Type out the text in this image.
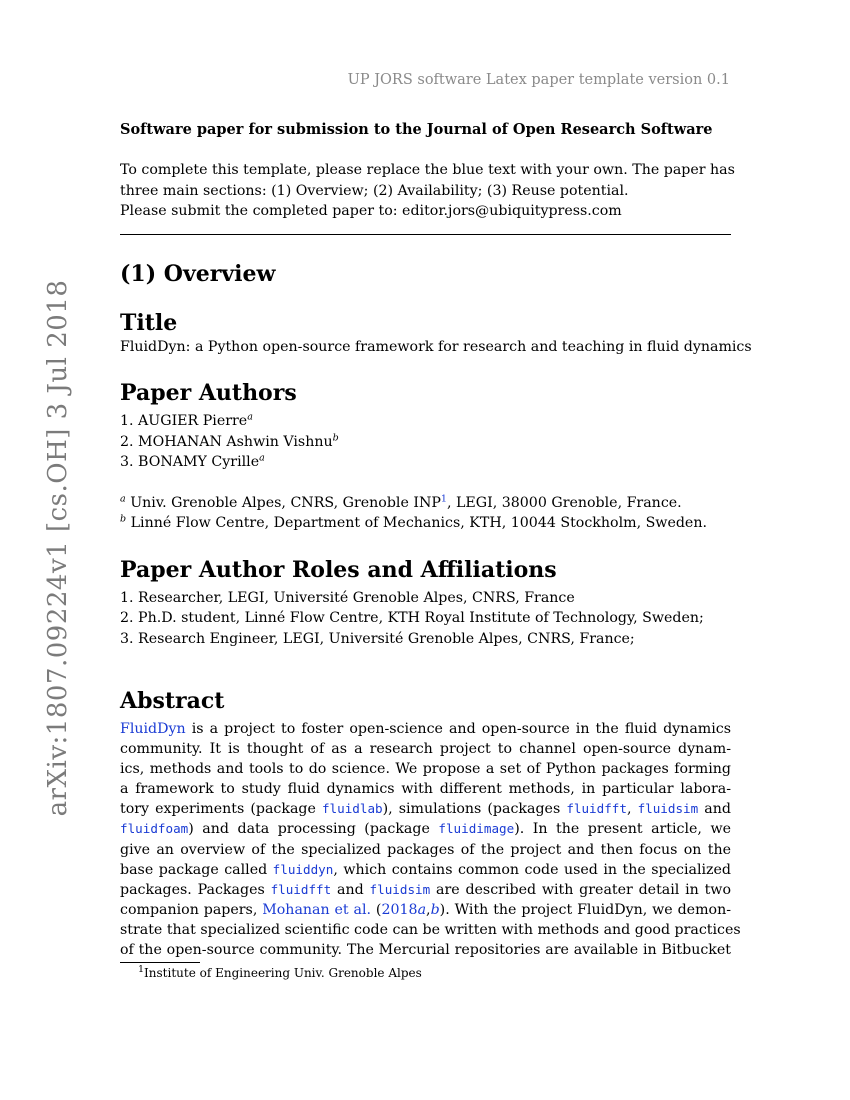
UP JORS software Latex paper template version 0.1
arXiv:1807.09224v1 [cs.OH] 3 Jul 2018

Software paper for submission to the Journal of Open Research Software

To complete this template, please replace the blue text with your own. The paper has
three main sections: (1) Overview; (2) Availability; (3) Reuse potential.
Please submit the completed paper to: editor.jors@ubiquitypress.com
(1) Overview
Title
FluidDyn: a Python open-source framework for research and teaching in fluid dynamics
Paper Authors
1. AUGIER Pierre$^a$
2. MOHANAN Ashwin Vishnu$^b$
3. BONAMY Cyrille$^a$
$^a$ Univ. Grenoble Alpes, CNRS, Grenoble INP$^1$, LEGI, 38000 Grenoble, France.
$^b$ Linné Flow Centre, Department of Mechanics, KTH, 10044 Stockholm, Sweden.
Paper Author Roles and Affiliations
1. Researcher, LEGI, Université Grenoble Alpes, CNRS, France
2. Ph.D. student, Linné Flow Centre, KTH Royal Institute of Technology, Sweden;
3. Research Engineer, LEGI, Université Grenoble Alpes, CNRS, France;
Abstract
FluidDyn is a project to foster open-science and open-source in the fluid dynamics
community. It is thought of as a research project to channel open-source dynam-
ics, methods and tools to do science. We propose a set of Python packages forming
a framework to study fluid dynamics with different methods, in particular labora-
tory experiments (package fluidlab), simulations (packages fluidfft, fluidsim and
fluidfoam) and data processing (package fluidimage). In the present article, we
give an overview of the specialized packages of the project and then focus on the
base package called fluiddyn, which contains common code used in the specialized
packages. Packages fluidfft and fluidsim are described with greater detail in two
companion papers, Mohanan et al. (2018a,b). With the project FluidDyn, we demon-
strate that specialized scientific code can be written with methods and good practices
of the open-source community. The Mercurial repositories are available in Bitbucket
$^1$Institute of Engineering Univ. Grenoble Alpes
